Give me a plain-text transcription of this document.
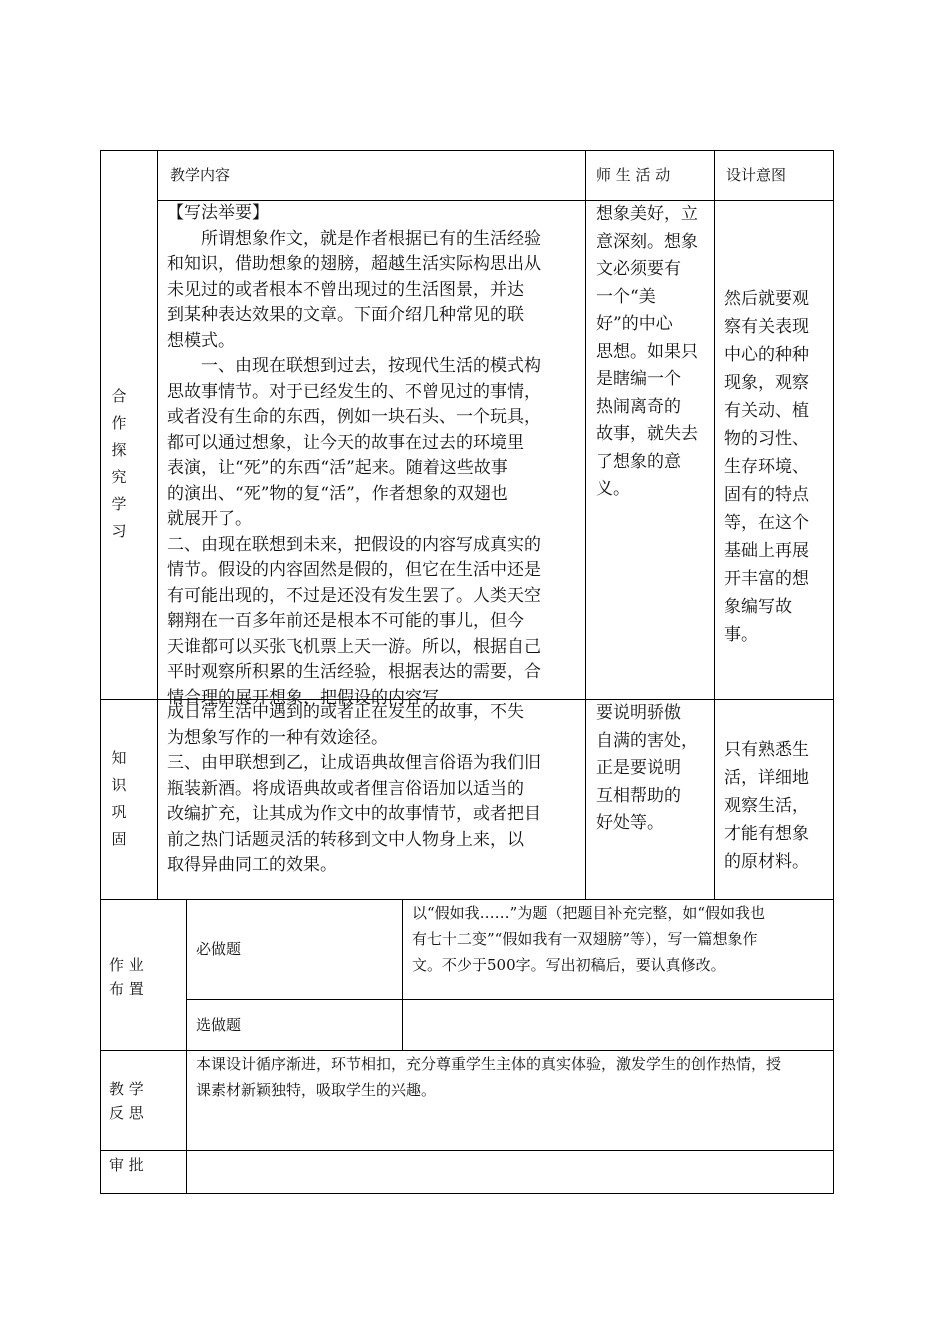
教学内容	师 生 活 动	设计意图

合作探究学习

【写法举要】
　　所谓想象作文，就是作者根据已有的生活经验
和知识，借助想象的翅膀，超越生活实际构思出从
未见过的或者根本不曾出现过的生活图景，并达
到某种表达效果的文章。下面介绍几种常见的联
想模式。
　　一、由现在联想到过去，按现代生活的模式构
思故事情节。对于已经发生的、不曾见过的事情，
或者没有生命的东西，例如一块石头、一个玩具，
都可以通过想象，让今天的故事在过去的环境里
表演，让“死”的东西“活”起来。随着这些故事
的演出、“死”物的复“活”，作者想象的双翅也
就展开了。
二、由现在联想到未来，把假设的内容写成真实的
情节。假设的内容固然是假的，但它在生活中还是
有可能出现的，不过是还没有发生罢了。人类天空
翱翔在一百多年前还是根本不可能的事儿，但今
天谁都可以买张飞机票上天一游。所以，根据自己
平时观察所积累的生活经验，根据表达的需要，合
情合理的展开想象，把假设的内容写
想象美好，立
意深刻。想象
文必须要有
一个“美
好”的中心
思想。如果只
是瞎编一个
热闹离奇的
故事，就失去
了想象的意
义。
然后就要观
察有关表现
中心的种种
现象，观察
有关动、植
物的习性、
生存环境、
固有的特点
等，在这个
基础上再展
开丰富的想
象编写故
事。
知识巩固
成日常生活中遇到的或者正在发生的故事，不失
为想象写作的一种有效途径。
三、由甲联想到乙，让成语典故俚言俗语为我们旧
瓶装新酒。将成语典故或者俚言俗语加以适当的
改编扩充，让其成为作文中的故事情节，或者把目
前之热门话题灵活的转移到文中人物身上来，以
取得异曲同工的效果。
要说明骄傲
自满的害处，
正是要说明
互相帮助的
好处等。
只有熟悉生
活，详细地
观察生活，
才能有想象
的原材料。
作 业
布 置
必做题
以“假如我……”为题（把题目补充完整，如“假如我也
有七十二变”“假如我有一双翅膀”等），写一篇想象作
文。不少于500字。写出初稿后，要认真修改。
选做题
教 学
反 思
本课设计循序渐进，环节相扣，充分尊重学生主体的真实体验，激发学生的创作热情，授
课素材新颖独特，吸取学生的兴趣。
审 批
